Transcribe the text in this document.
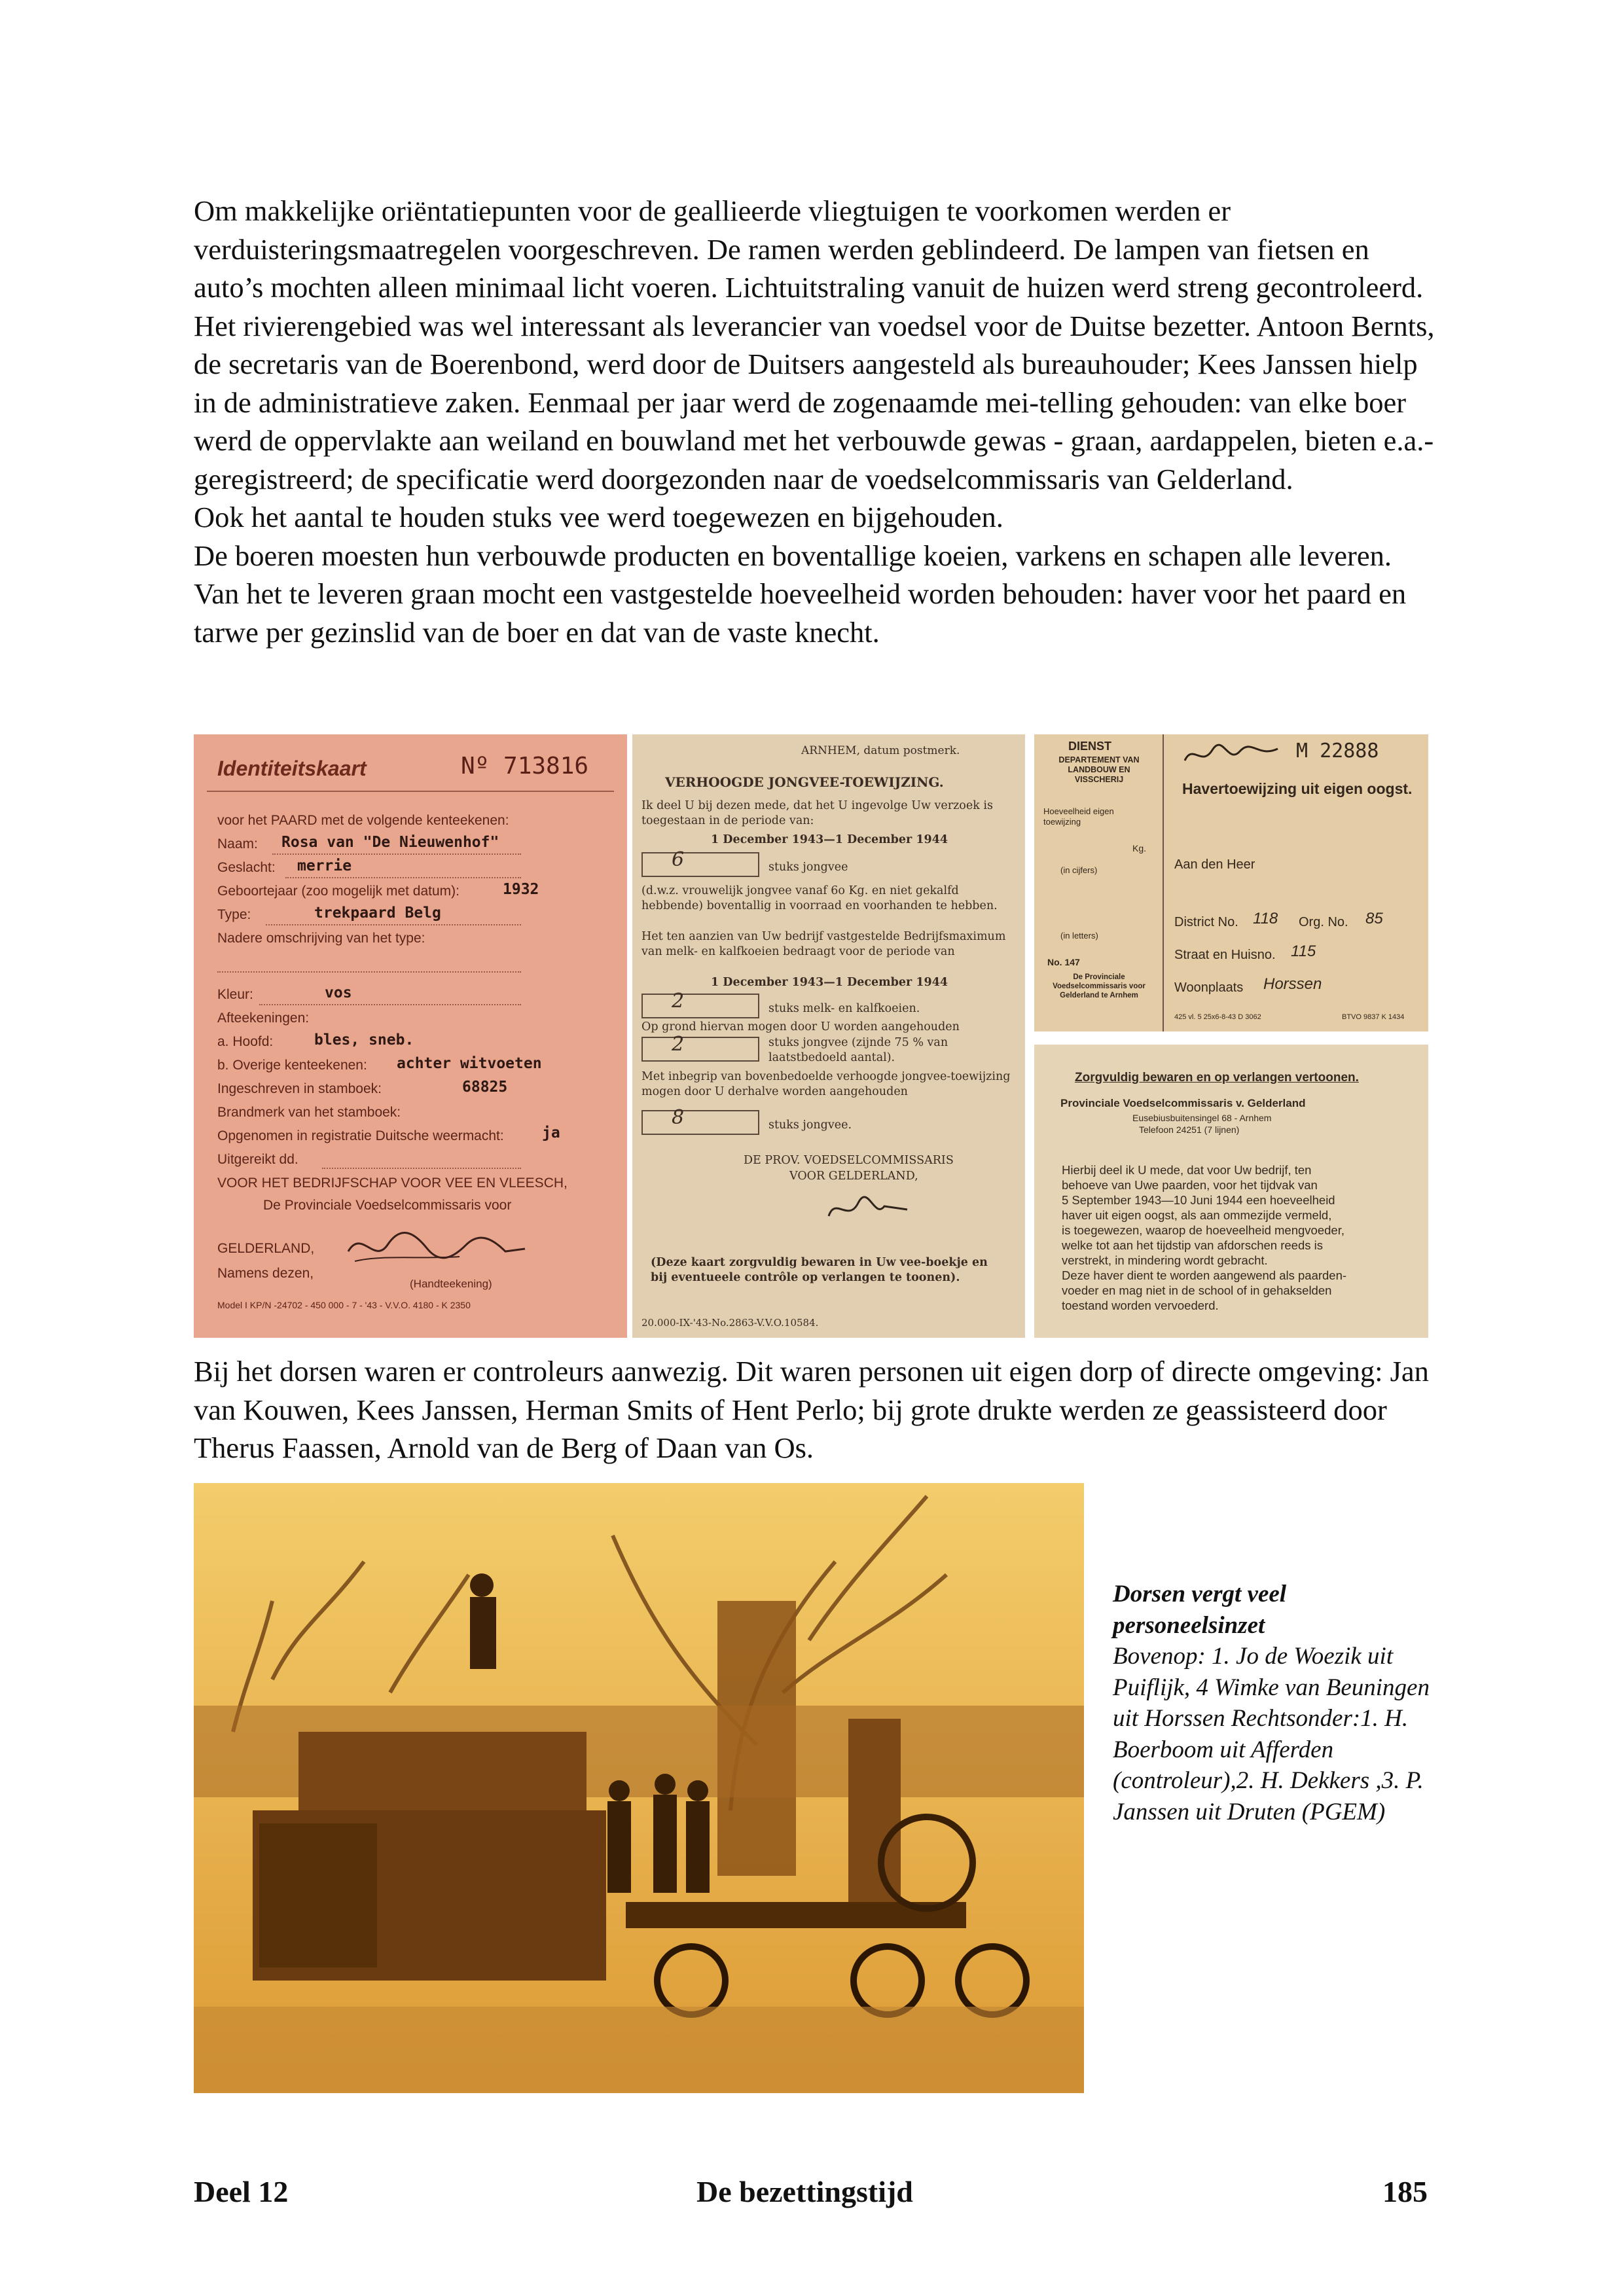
Om makkelijke oriëntatiepunten voor de geallieerde vliegtuigen te voorkomen werden er verduisteringsmaatregelen voorgeschreven. De ramen werden geblindeerd. De lampen van fietsen en auto’s mochten alleen minimaal licht voeren. Lichtuitstraling vanuit de huizen werd streng gecontroleerd.

Het rivierengebied was wel interessant als leverancier van voedsel voor de Duitse bezetter. Antoon Bernts, de secretaris van de Boerenbond, werd door de Duitsers aangesteld als bureauhouder; Kees Janssen hielp in de administratieve zaken. Eenmaal per jaar werd de zogenaamde mei-telling gehouden: van elke boer werd de oppervlakte aan weiland en bouwland met het verbouwde gewas - graan, aardappelen, bieten e.a.- geregistreerd; de specificatie werd doorgezonden naar de voedselcommissaris van Gelderland.

Ook het aantal te houden stuks vee werd toegewezen en bijgehouden.

De boeren moesten hun verbouwde producten en boventallige koeien, varkens en schapen alle leveren. Van het te leveren graan mocht een vastgestelde hoeveelheid worden behouden: haver voor het paard en tarwe per gezinslid van de boer en dat van de vaste knecht.

Identiteitskaart	Nº 713816
voor het PAARD met de volgende kenteekenen:
Naam: Rosa van "De Nieuwenhof"
Geslacht: merrie
Geboortejaar (zoo mogelijk met datum):	1932
Type:	trekpaard Belg
Nadere omschrijving van het type:
Kleur:	vos
Afteekeningen:
a. Hoofd:	bles, sneb.
b. Overige kenteekenen: achter witvoeten
Ingeschreven in stamboek:	68825
Brandmerk van het stamboek:
Opgenomen in registratie Duitsche weermacht:	ja
Uitgereikt dd.
VOOR HET BEDRIJFSCHAP VOOR VEE EN VLEESCH,
De Provinciale Voedselcommissaris voor
GELDERLAND,
Namens dezen,
(Handteekening)
Model I KP/N -24702 - 450 000 - 7 - '43 - V.V.O. 4180 - K 2350
ARNHEM, datum postmerk.
VERHOOGDE JONGVEE-TOEWIJZING.
Ik deel U bij dezen mede, dat het U ingevolge Uw verzoek is toegestaan in de periode van:
1 December 1943—1 December 1944
6	stuks jongvee
(d.w.z. vrouwelijk jongvee vanaf 6o Kg. en niet gekalfd hebbende) boventallig in voorraad en voorhanden te hebben.
Het ten aanzien van Uw bedrijf vastgestelde Bedrijfsmaximum van melk- en kalfkoeien bedraagt voor de periode van
1 December 1943—1 December 1944
2	stuks melk- en kalfkoeien.
Op grond hiervan mogen door U worden aangehouden
2	stuks jongvee (zijnde 75 % van laatstbedoeld aantal).
Met inbegrip van bovenbedoelde verhoogde jongvee-toewijzing mogen door U derhalve worden aangehouden
8	stuks jongvee.
DE PROV. VOEDSELCOMMISSARIS
VOOR GELDERLAND,
(Deze kaart zorgvuldig bewaren in Uw vee-boekje en bij eventueele contrôle op verlangen te toonen).
20.000-IX-'43-No.2863-V.V.O.10584.
DIENST
DEPARTEMENT VAN LANDBOUW EN VISSCHERIJ
M 22888
Havertoewijzing uit eigen oogst.
Hoeveelheid eigen toewijzing
Kg.
(in cijfers)
(in letters)
No. 147
De Provinciale Voedselcommissaris voor Gelderland te Arnhem
Aan den Heer
District No. 118 Org. No. 85
Straat en Huisno. 115
Woonplaats Horssen
425 vl. 5 25x6-8-43 D 3062	BTVO 9837 K 1434
Zorgvuldig bewaren en op verlangen vertoonen.
Provinciale Voedselcommissaris v. Gelderland
Eusebiusbuitensingel 68 - Arnhem
Telefoon 24251 (7 lijnen)
Hierbij deel ik U mede, dat voor Uw bedrijf, ten
behoeve van Uwe paarden, voor het tijdvak van
5 September 1943—10 Juni 1944 een hoeveelheid
haver uit eigen oogst, als aan ommezijde vermeld,
is toegewezen, waarop de hoeveelheid mengvoeder,
welke tot aan het tijdstip van afdorschen reeds is
verstrekt, in mindering wordt gebracht.
Deze haver dient te worden aangewend als paarden-
voeder en mag niet in de school of in gehakselden
toestand worden vervoederd.

Bij het dorsen waren er controleurs aanwezig. Dit waren personen uit eigen dorp of directe omgeving: Jan van Kouwen, Kees Janssen, Herman Smits of Hent Perlo; bij grote drukte werden ze geassisteerd door Therus Faassen, Arnold van de Berg of Daan van Os.

Dorsen vergt veel personeelsinzet
Bovenop: 1. Jo de Woezik uit Puiflijk, 4 Wimke van Beuningen uit Horssen Rechtsonder:1. H. Boerboom uit Afferden (controleur),2. H. Dekkers ,3. P. Janssen uit Druten (PGEM)
Deel 12	De bezettingstijd	185
